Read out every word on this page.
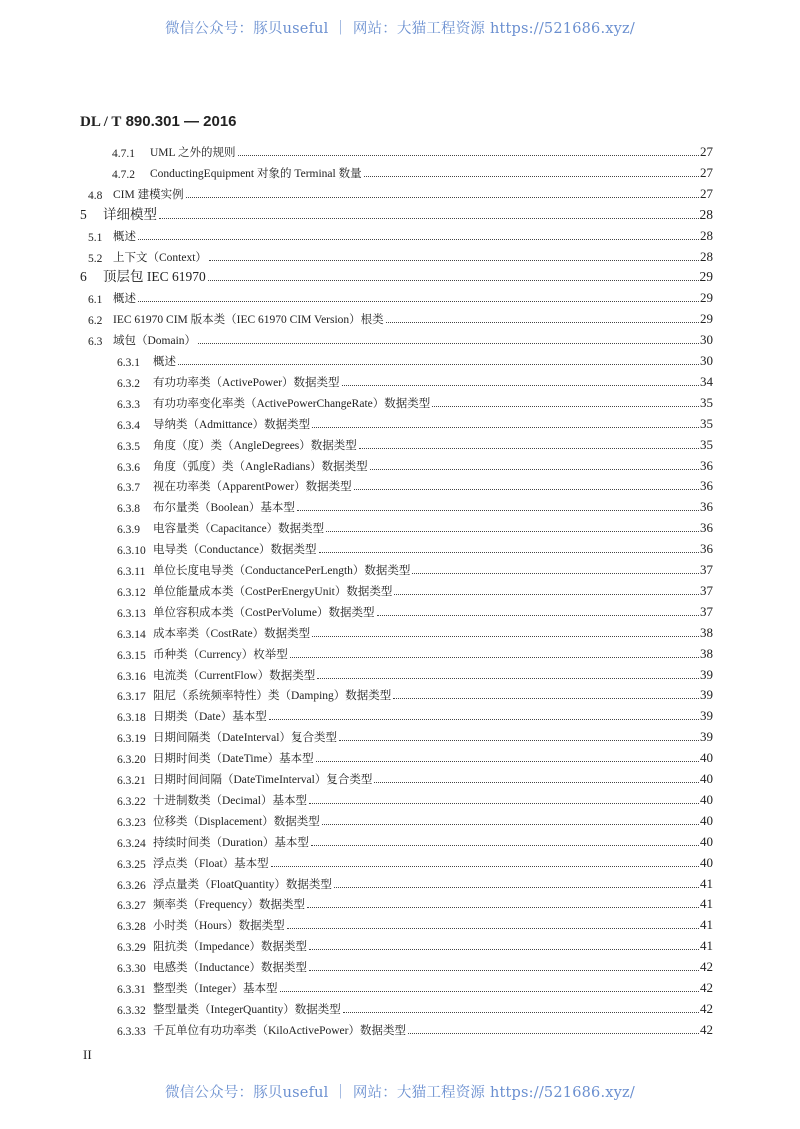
微信公众号：豚贝useful ｜ 网站：大猫工程资源 https://521686.xyz/
DL / T 890.301 — 2016
4.7.1	UML 之外的规则	27
4.7.2	ConductingEquipment 对象的 Terminal 数量	27
4.8 CIM 建模实例	27
5	详细模型	28
5.1 概述	28
5.2 上下文（Context）	28
6	顶层包 IEC 61970	29
6.1 概述	29
6.2 IEC 61970 CIM 版本类（IEC 61970 CIM Version）根类	29
6.3 域包（Domain）	30
6.3.1	概述	30
6.3.2	有功功率类（ActivePower）数据类型	34
6.3.3	有功功率变化率类（ActivePowerChangeRate）数据类型	35
6.3.4	导纳类（Admittance）数据类型	35
6.3.5	角度（度）类（AngleDegrees）数据类型	35
6.3.6	角度（弧度）类（AngleRadians）数据类型	36
6.3.7	视在功率类（ApparentPower）数据类型	36
6.3.8	布尔量类（Boolean）基本型	36
6.3.9	电容量类（Capacitance）数据类型	36
6.3.10 电导类（Conductance）数据类型	36
6.3.11 单位长度电导类（ConductancePerLength）数据类型	37
6.3.12 单位能量成本类（CostPerEnergyUnit）数据类型	37
6.3.13 单位容积成本类（CostPerVolume）数据类型	37
6.3.14 成本率类（CostRate）数据类型	38
6.3.15 币种类（Currency）枚举型	38
6.3.16 电流类（CurrentFlow）数据类型	39
6.3.17 阻尼（系统频率特性）类（Damping）数据类型	39
6.3.18 日期类（Date）基本型	39
6.3.19 日期间隔类（DateInterval）复合类型	39
6.3.20 日期时间类（DateTime）基本型	40
6.3.21 日期时间间隔（DateTimeInterval）复合类型	40
6.3.22 十进制数类（Decimal）基本型	40
6.3.23 位移类（Displacement）数据类型	40
6.3.24 持续时间类（Duration）基本型	40
6.3.25 浮点类（Float）基本型	40
6.3.26 浮点量类（FloatQuantity）数据类型	41
6.3.27 频率类（Frequency）数据类型	41
6.3.28 小时类（Hours）数据类型	41
6.3.29 阻抗类（Impedance）数据类型	41
6.3.30 电感类（Inductance）数据类型	42
6.3.31 整型类（Integer）基本型	42
6.3.32 整型量类（IntegerQuantity）数据类型	42
6.3.33 千瓦单位有功功率类（KiloActivePower）数据类型	42
II
微信公众号：豚贝useful ｜ 网站：大猫工程资源 https://521686.xyz/
